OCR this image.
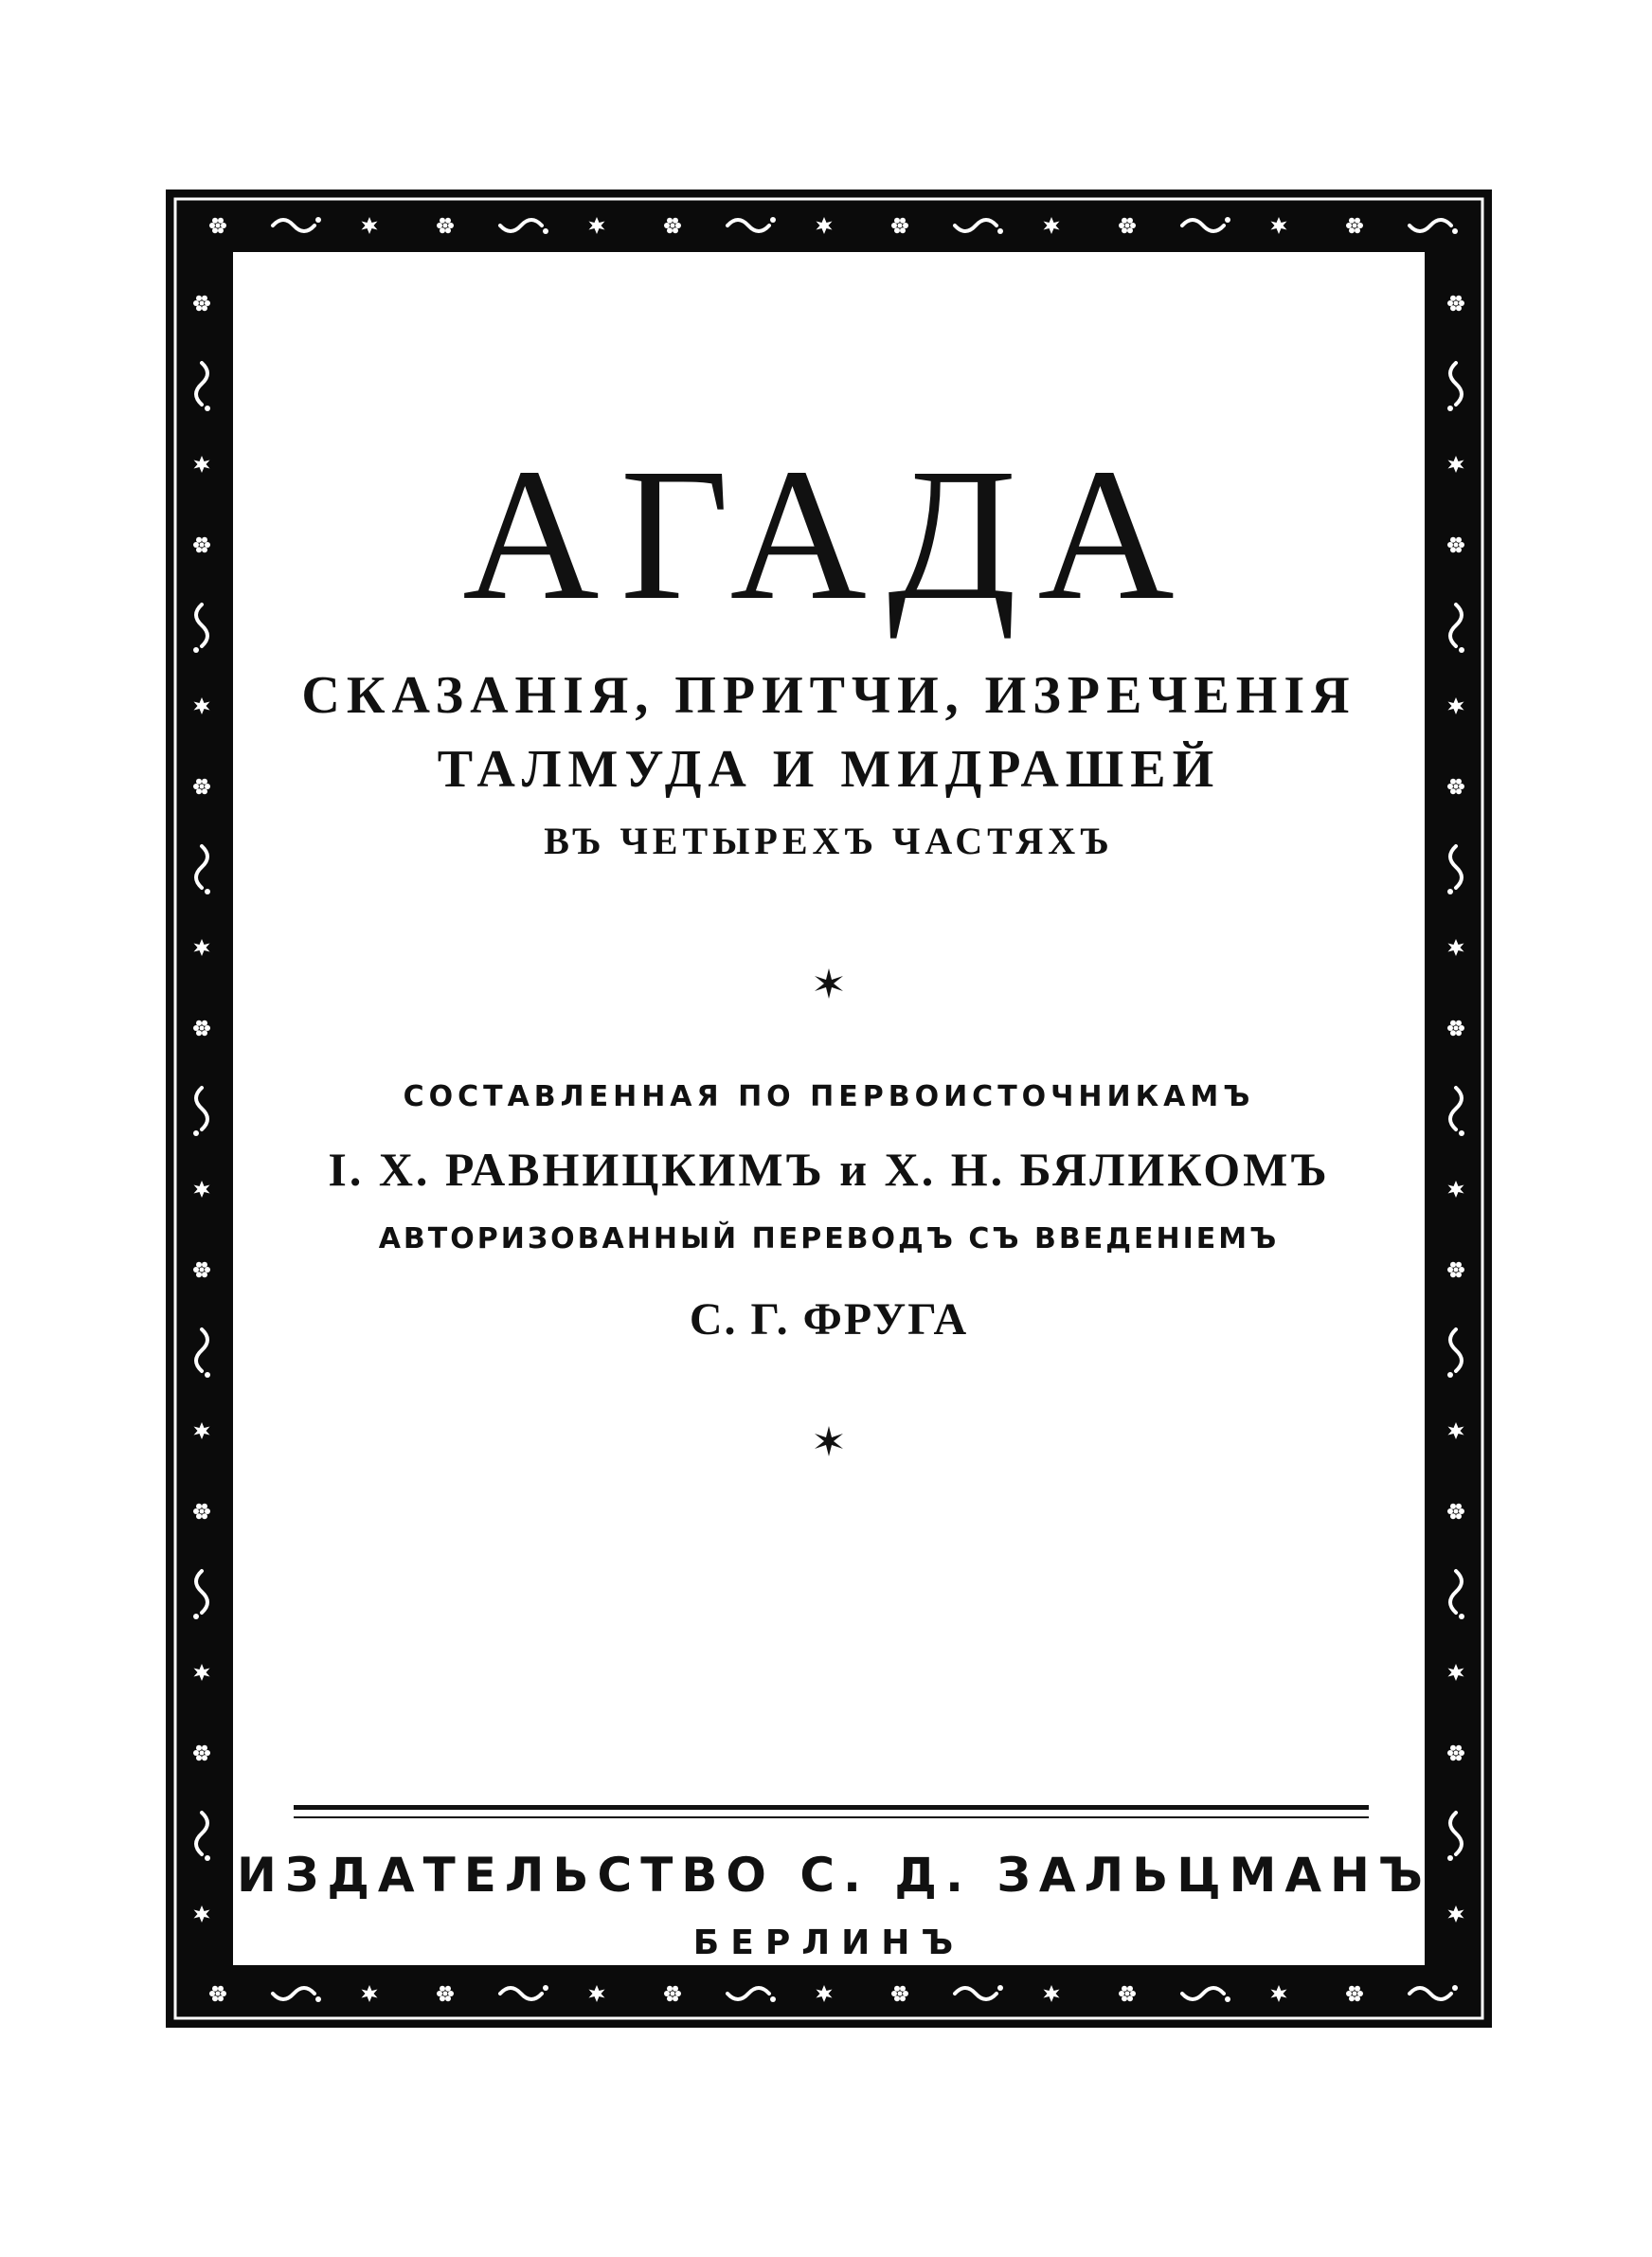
АГАДА
СКАЗАНІЯ, ПРИТЧИ, ИЗРЕЧЕНІЯ
ТАЛМУДА И МИДРАШЕЙ
ВЪ ЧЕТЫРЕХЪ ЧАСТЯХЪ
СОСТАВЛЕННАЯ ПО ПЕРВОИСТОЧНИКАМЪ
І. Х. РАВНИЦКИМЪ и Х. Н. БЯЛИКОМЪ
АВТОРИЗОВАННЫЙ ПЕРЕВОДЪ СЪ ВВЕДЕНІЕМЪ
С. Г. ФРУГА
ИЗДАТЕЛЬСТВО С. Д. ЗАЛЬЦМАНЪ
БЕРЛИНЪ
